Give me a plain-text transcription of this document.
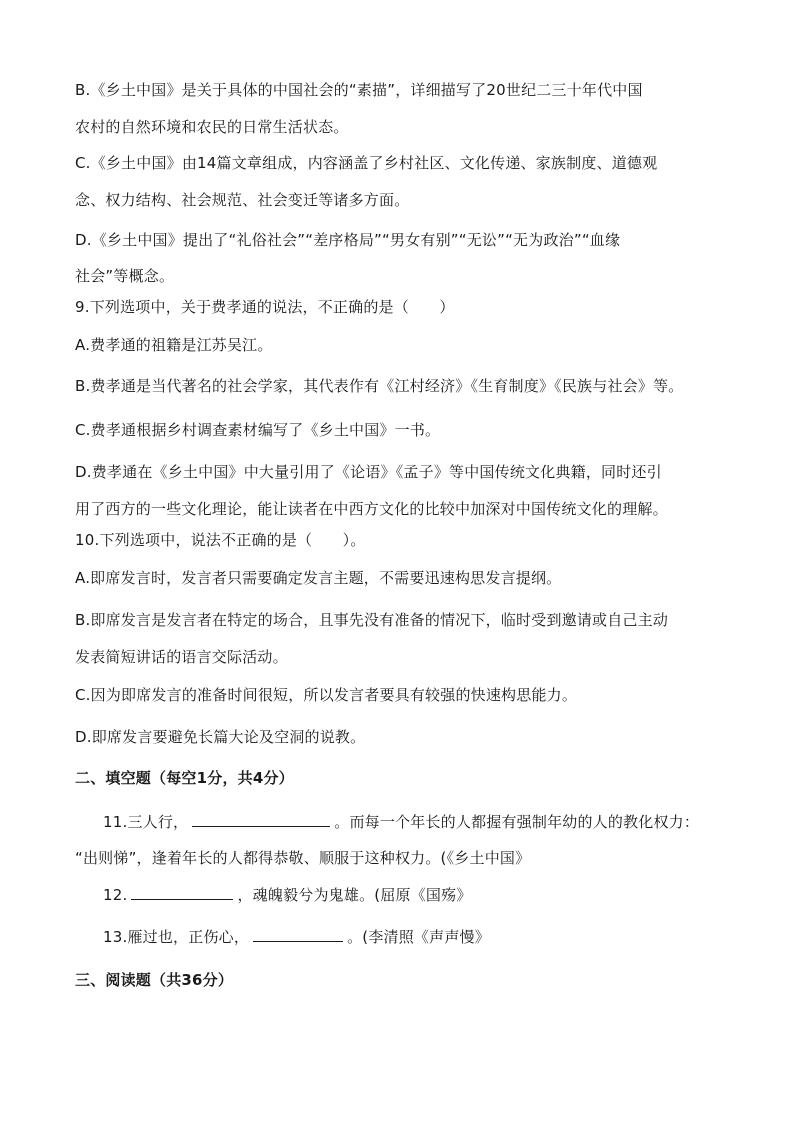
B.《乡土中国》是关于具体的中国社会的“素描”，详细描写了20世纪二三十年代中国
农村的自然环境和农民的日常生活状态。
C.《乡土中国》由14篇文章组成，内容涵盖了乡村社区、文化传递、家族制度、道德观
念、权力结构、社会规范、社会变迁等诸多方面。
D.《乡土中国》提出了“礼俗社会”“差序格局”“男女有别”“无讼”“无为政治”“血缘
社会”等概念。
9.下列选项中，关于费孝通的说法，不正确的是（　　）
A.费孝通的祖籍是江苏吴江。
B.费孝通是当代著名的社会学家，其代表作有《江村经济》《生育制度》《民族与社会》等。
C.费孝通根据乡村调查素材编写了《乡土中国》一书。
D.费孝通在《乡土中国》中大量引用了《论语》《孟子》等中国传统文化典籍，同时还引
用了西方的一些文化理论，能让读者在中西方文化的比较中加深对中国传统文化的理解。
10.下列选项中，说法不正确的是（　　）。
A.即席发言时，发言者只需要确定发言主题，不需要迅速构思发言提纲。
B.即席发言是发言者在特定的场合，且事先没有准备的情况下，临时受到邀请或自己主动
发表简短讲话的语言交际活动。
C.因为即席发言的准备时间很短，所以发言者要具有较强的快速构思能力。
D.即席发言要避免长篇大论及空洞的说教。
二、填空题（每空1分，共4分）
11.三人行，	。而每一个年长的人都握有强制年幼的人的教化权力：
“出则悌”，逢着年长的人都得恭敬、顺服于这种权力。(《乡土中国》
12.	，魂魄毅兮为鬼雄。(屈原《国殇》
13.雁过也，正伤心，	。(李清照《声声慢》
三、阅读题（共36分）
